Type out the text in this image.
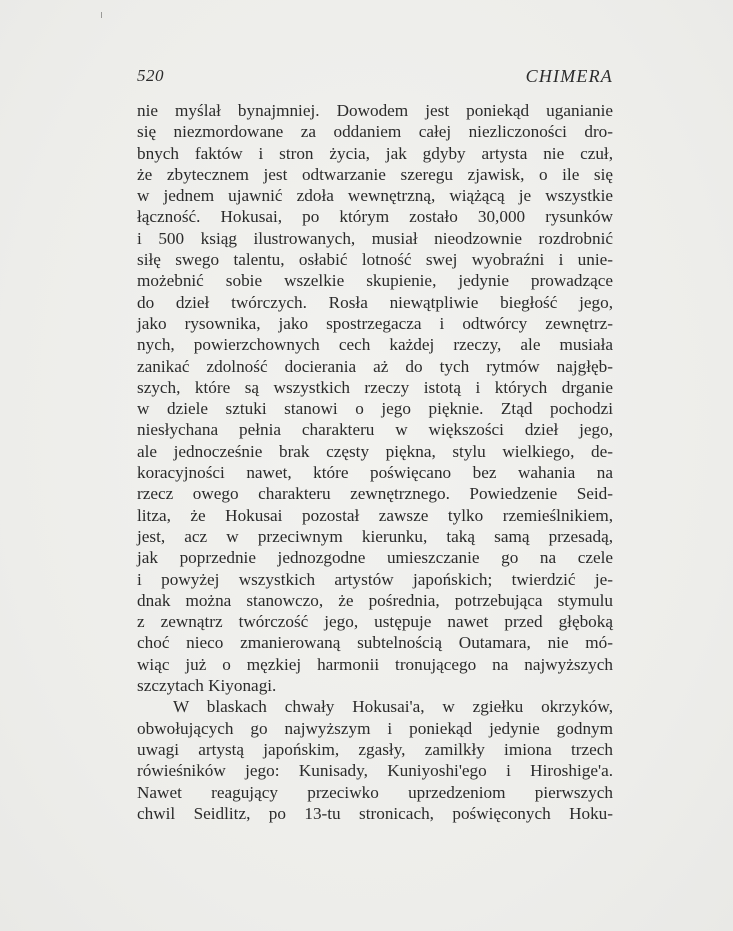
520	CHIMERA
nie myślał bynajmniej. Dowodem jest poniekąd uganianie
się niezmordowane za oddaniem całej niezliczoności dro-
bnych faktów i stron życia, jak gdyby artysta nie czuł,
że zbytecznem jest odtwarzanie szeregu zjawisk, o ile się
w jednem ujawnić zdoła wewnętrzną, wiążącą je wszystkie
łączność. Hokusai, po którym zostało 30,000 rysunków
i 500 ksiąg ilustrowanych, musiał nieodzownie rozdrobnić
siłę swego talentu, osłabić lotność swej wyobraźni i unie-
możebnić sobie wszelkie skupienie, jedynie prowadzące
do dzieł twórczych. Rosła niewątpliwie biegłość jego,
jako rysownika, jako spostrzegacza i odtwórcy zewnętrz-
nych, powierzchownych cech każdej rzeczy, ale musiała
zanikać zdolność docierania aż do tych rytmów najgłęb-
szych, które są wszystkich rzeczy istotą i których drganie
w dziele sztuki stanowi o jego pięknie. Ztąd pochodzi
niesłychana pełnia charakteru w większości dzieł jego,
ale jednocześnie brak częsty piękna, stylu wielkiego, de-
koracyjności nawet, które poświęcano bez wahania na
rzecz owego charakteru zewnętrznego. Powiedzenie Seid-
litza, że Hokusai pozostał zawsze tylko rzemieślnikiem,
jest, acz w przeciwnym kierunku, taką samą przesadą,
jak poprzednie jednozgodne umieszczanie go na czele
i powyżej wszystkich artystów japońskich; twierdzić je-
dnak można stanowczo, że pośrednia, potrzebująca stymulu
z zewnątrz twórczość jego, ustępuje nawet przed głęboką
choć nieco zmanierowaną subtelnością Outamara, nie mó-
wiąc już o męzkiej harmonii tronującego na najwyższych
szczytach Kiyonagi.
W blaskach chwały Hokusai'a, w zgiełku okrzyków,
obwołujących go najwyższym i poniekąd jedynie godnym
uwagi artystą japońskim, zgasły, zamilkły imiona trzech
rówieśników jego: Kunisady, Kuniyoshi'ego i Hiroshige'a.
Nawet reagujący przeciwko uprzedzeniom pierwszych
chwil Seidlitz, po 13-tu stronicach, poświęconych Hoku-
